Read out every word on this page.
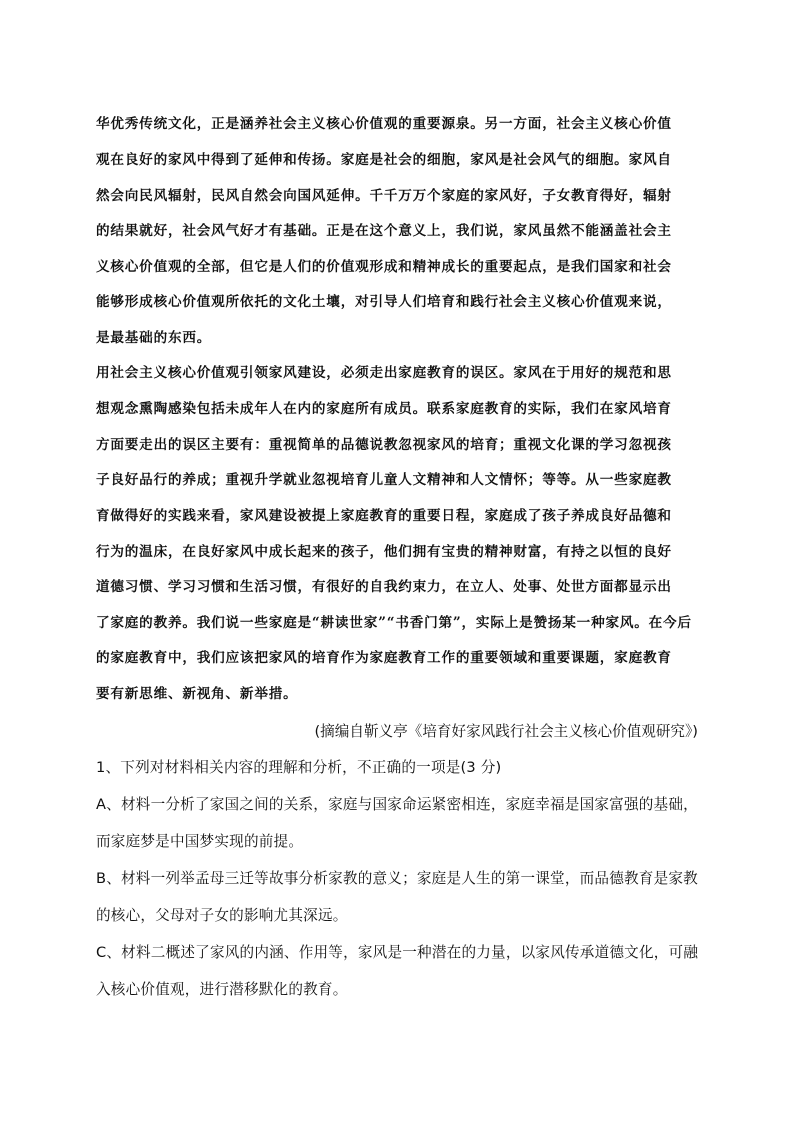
华优秀传统文化，正是涵养社会主义核心价值观的重要源泉。另一方面，社会主义核心价值
观在良好的家风中得到了延伸和传扬。家庭是社会的细胞，家风是社会风气的细胞。家风自
然会向民风辐射，民风自然会向国风延伸。千千万万个家庭的家风好，子女教育得好，辐射
的结果就好，社会风气好才有基础。正是在这个意义上，我们说，家风虽然不能涵盖社会主
义核心价值观的全部，但它是人们的价值观形成和精神成长的重要起点，是我们国家和社会
能够形成核心价值观所依托的文化土壤，对引导人们培育和践行社会主义核心价值观来说，
是最基础的东西。
用社会主义核心价值观引领家风建设，必须走出家庭教育的误区。家风在于用好的规范和思
想观念熏陶感染包括未成年人在内的家庭所有成员。联系家庭教育的实际，我们在家风培育
方面要走出的误区主要有：重视简单的品德说教忽视家风的培育；重视文化课的学习忽视孩
子良好品行的养成；重视升学就业忽视培育儿童人文精神和人文情怀；等等。从一些家庭教
育做得好的实践来看，家风建设被提上家庭教育的重要日程，家庭成了孩子养成良好品德和
行为的温床，在良好家风中成长起来的孩子，他们拥有宝贵的精神财富，有持之以恒的良好
道德习惯、学习习惯和生活习惯，有很好的自我约束力，在立人、处事、处世方面都显示出
了家庭的教养。我们说一些家庭是“耕读世家”“书香门第”，实际上是赞扬某一种家风。在今后
的家庭教育中，我们应该把家风的培育作为家庭教育工作的重要领域和重要课题，家庭教育
要有新思维、新视角、新举措。
(摘编自靳义亭《培育好家风践行社会主义核心价值观研究》)
1、下列对材料相关内容的理解和分析，不正确的一项是(3 分)
A、材料一分析了家国之间的关系，家庭与国家命运紧密相连，家庭幸福是国家富强的基础，
而家庭梦是中国梦实现的前提。
B、材料一列举孟母三迁等故事分析家教的意义；家庭是人生的第一课堂，而品德教育是家教
的核心，父母对子女的影响尤其深远。
C、材料二概述了家风的内涵、作用等，家风是一种潜在的力量，以家风传承道德文化，可融
入核心价值观，进行潜移默化的教育。
